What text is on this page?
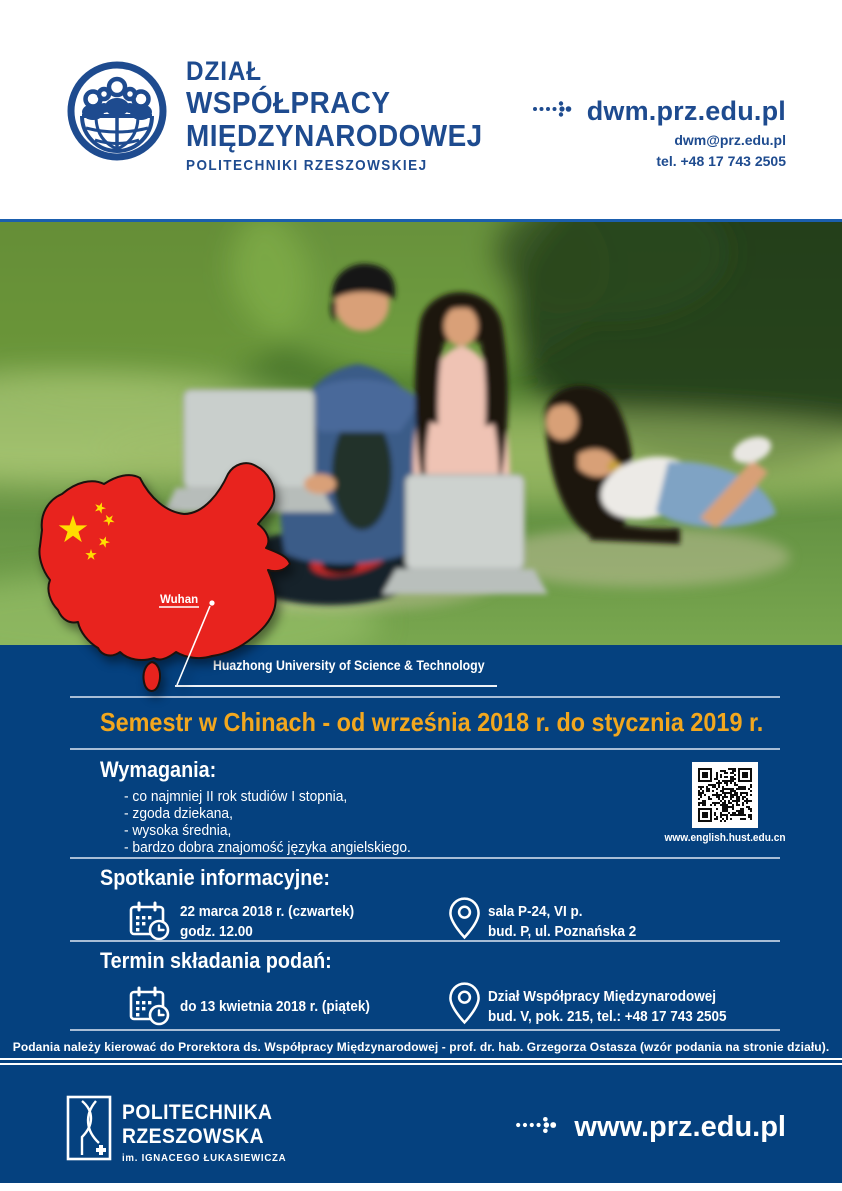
DZIAŁ
WSPÓŁPRACY
MIĘDZYNARODOWEJ
POLITECHNIKI RZESZOWSKIEJ
dwm.prz.edu.pl
dwm@prz.edu.pl
tel. +48 17 743 2505
Wuhan
Huazhong University of Science & Technology
Semestr w Chinach - od września 2018 r. do stycznia 2019 r.
Wymagania:
- co najmniej II rok studiów I stopnia,
- zgoda dziekana,
- wysoka średnia,
- bardzo dobra znajomość języka angielskiego.
www.english.hust.edu.cn
Spotkanie informacyjne:
22 marca 2018 r. (czwartek)
godz. 12.00
sala P-24, VI p.
bud. P, ul. Poznańska 2
Termin składania podań:
do 13 kwietnia 2018 r. (piątek)
Dział Współpracy Międzynarodowej
bud. V, pok. 215, tel.: +48 17 743 2505
Podania należy kierować do Prorektora ds. Współpracy Międzynarodowej - prof. dr. hab. Grzegorza Ostasza (wzór podania na stronie działu).
POLITECHNIKA
RZESZOWSKA
im. IGNACEGO ŁUKASIEWICZA
www.prz.edu.pl
